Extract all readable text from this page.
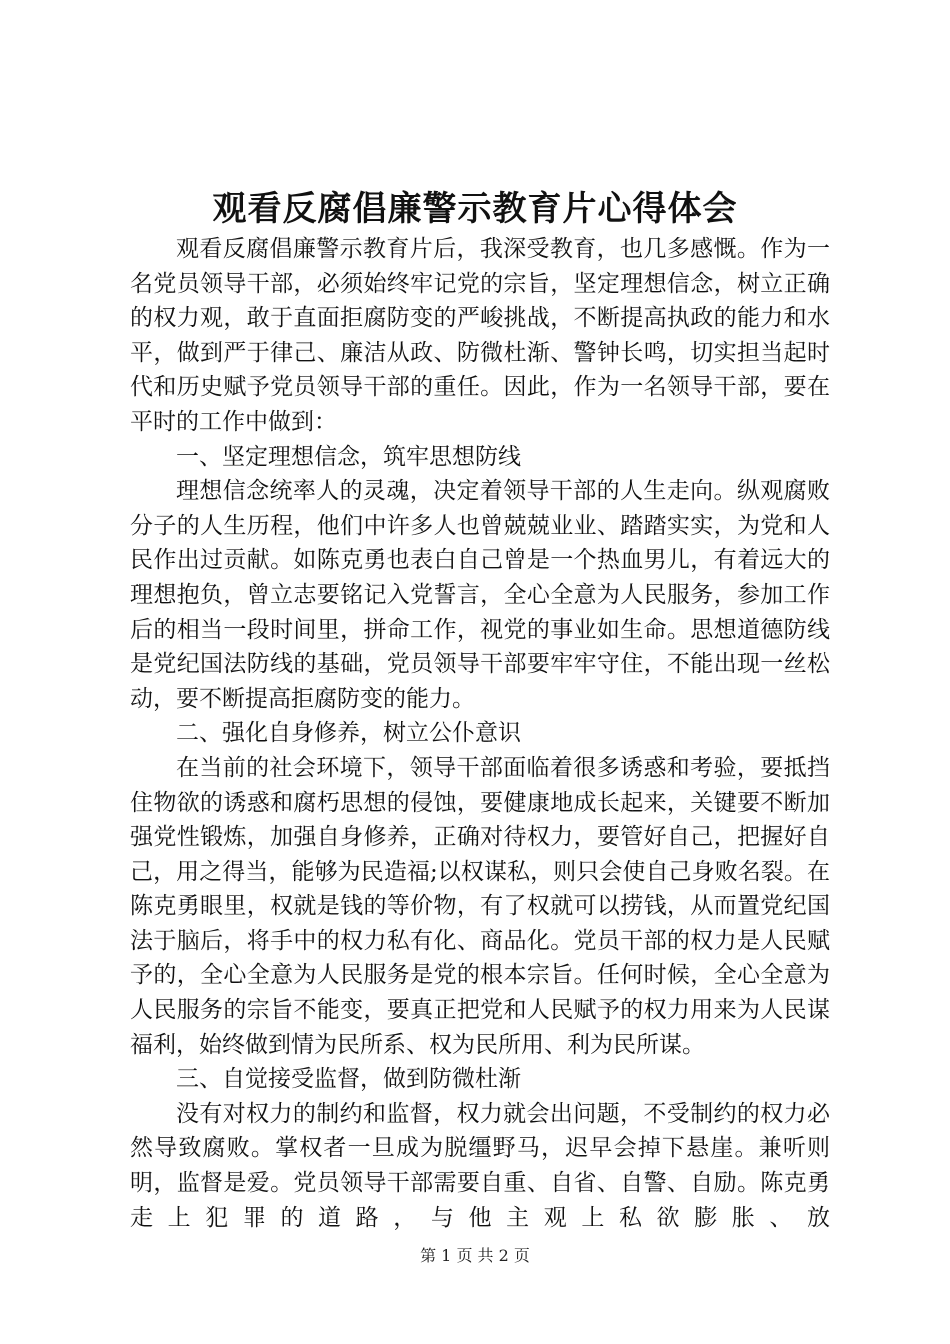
观看反腐倡廉警示教育片心得体会

观看反腐倡廉警示教育片后，我深受教育，也几多感慨。作为一名党员领导干部，必须始终牢记党的宗旨，坚定理想信念，树立正确的权力观，敢于直面拒腐防变的严峻挑战，不断提高执政的能力和水平，做到严于律己、廉洁从政、防微杜渐、警钟长鸣，切实担当起时代和历史赋予党员领导干部的重任。因此，作为一名领导干部，要在平时的工作中做到：

一、坚定理想信念，筑牢思想防线

理想信念统率人的灵魂，决定着领导干部的人生走向。纵观腐败分子的人生历程，他们中许多人也曾兢兢业业、踏踏实实，为党和人民作出过贡献。如陈克勇也表白自己曾是一个热血男儿，有着远大的理想抱负，曾立志要铭记入党誓言，全心全意为人民服务，参加工作后的相当一段时间里，拼命工作，视党的事业如生命。思想道德防线是党纪国法防线的基础，党员领导干部要牢牢守住，不能出现一丝松动，要不断提高拒腐防变的能力。

二、强化自身修养，树立公仆意识

在当前的社会环境下，领导干部面临着很多诱惑和考验，要抵挡住物欲的诱惑和腐朽思想的侵蚀，要健康地成长起来，关键要不断加强党性锻炼，加强自身修养，正确对待权力，要管好自己，把握好自己，用之得当，能够为民造福;以权谋私，则只会使自己身败名裂。在陈克勇眼里，权就是钱的等价物，有了权就可以捞钱，从而置党纪国法于脑后，将手中的权力私有化、商品化。党员干部的权力是人民赋予的，全心全意为人民服务是党的根本宗旨。任何时候，全心全意为人民服务的宗旨不能变，要真正把党和人民赋予的权力用来为人民谋福利，始终做到情为民所系、权为民所用、利为民所谋。

三、自觉接受监督，做到防微杜渐

没有对权力的制约和监督，权力就会出问题，不受制约的权力必然导致腐败。掌权者一旦成为脱缰野马，迟早会掉下悬崖。兼听则明，监督是爱。党员领导干部需要自重、自省、自警、自励。陈克勇走上犯罪的道路，与他主观上私欲膨胀、放

第 1 页 共 2 页
